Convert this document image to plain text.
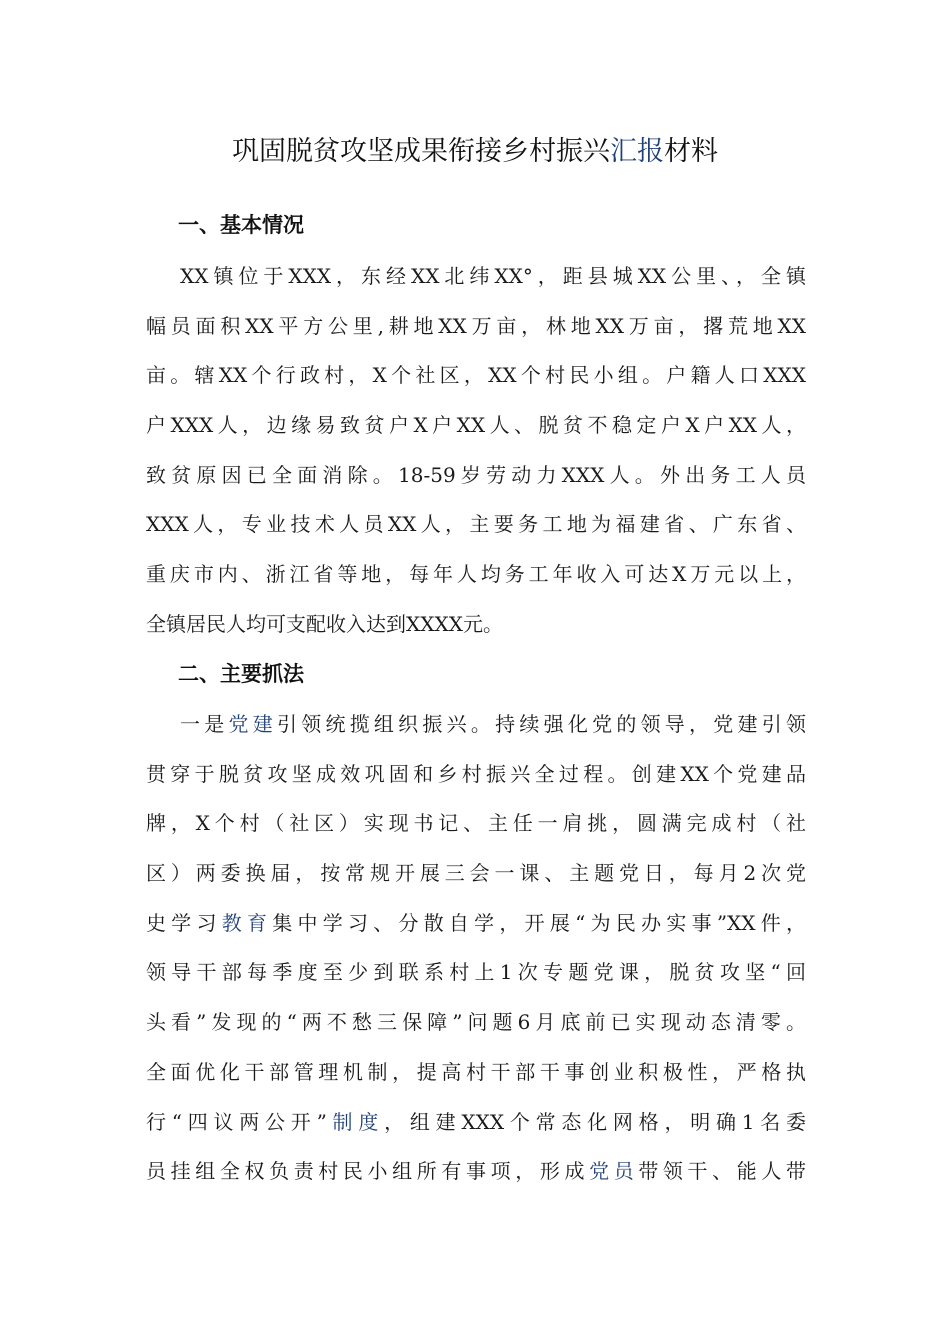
巩固脱贫攻坚成果衔接乡村振兴汇报材料
一、基本情况
XX镇位于XXX，东经XX北纬XX°，距县城XX公里、，全镇
幅员面积XX平方公里,耕地XX万亩，林地XX万亩，撂荒地XX
亩。辖XX个行政村，X个社区，XX个村民小组。户籍人口XXX
户XXX人，边缘易致贫户X户XX人、脱贫不稳定户X户XX人，
致贫原因已全面消除。18-59岁劳动力XXX人。外出务工人员
XXX人，专业技术人员XX人，主要务工地为福建省、广东省、
重庆市内、浙江省等地，每年人均务工年收入可达X万元以上，
全镇居民人均可支配收入达到XXXX元。
二、主要抓法
一是党建引领统揽组织振兴。持续强化党的领导，党建引领
贯穿于脱贫攻坚成效巩固和乡村振兴全过程。创建XX个党建品
牌，X个村（社区）实现书记、主任一肩挑，圆满完成村（社
区）两委换届，按常规开展三会一课、主题党日，每月2次党
史学习教育集中学习、分散自学，开展“为民办实事”XX件，
领导干部每季度至少到联系村上1次专题党课，脱贫攻坚“回
头看”发现的“两不愁三保障”问题6月底前已实现动态清零。
全面优化干部管理机制，提高村干部干事创业积极性，严格执
行“四议两公开”制度，组建XXX个常态化网格，明确1名委
员挂组全权负责村民小组所有事项，形成党员带领干、能人带
